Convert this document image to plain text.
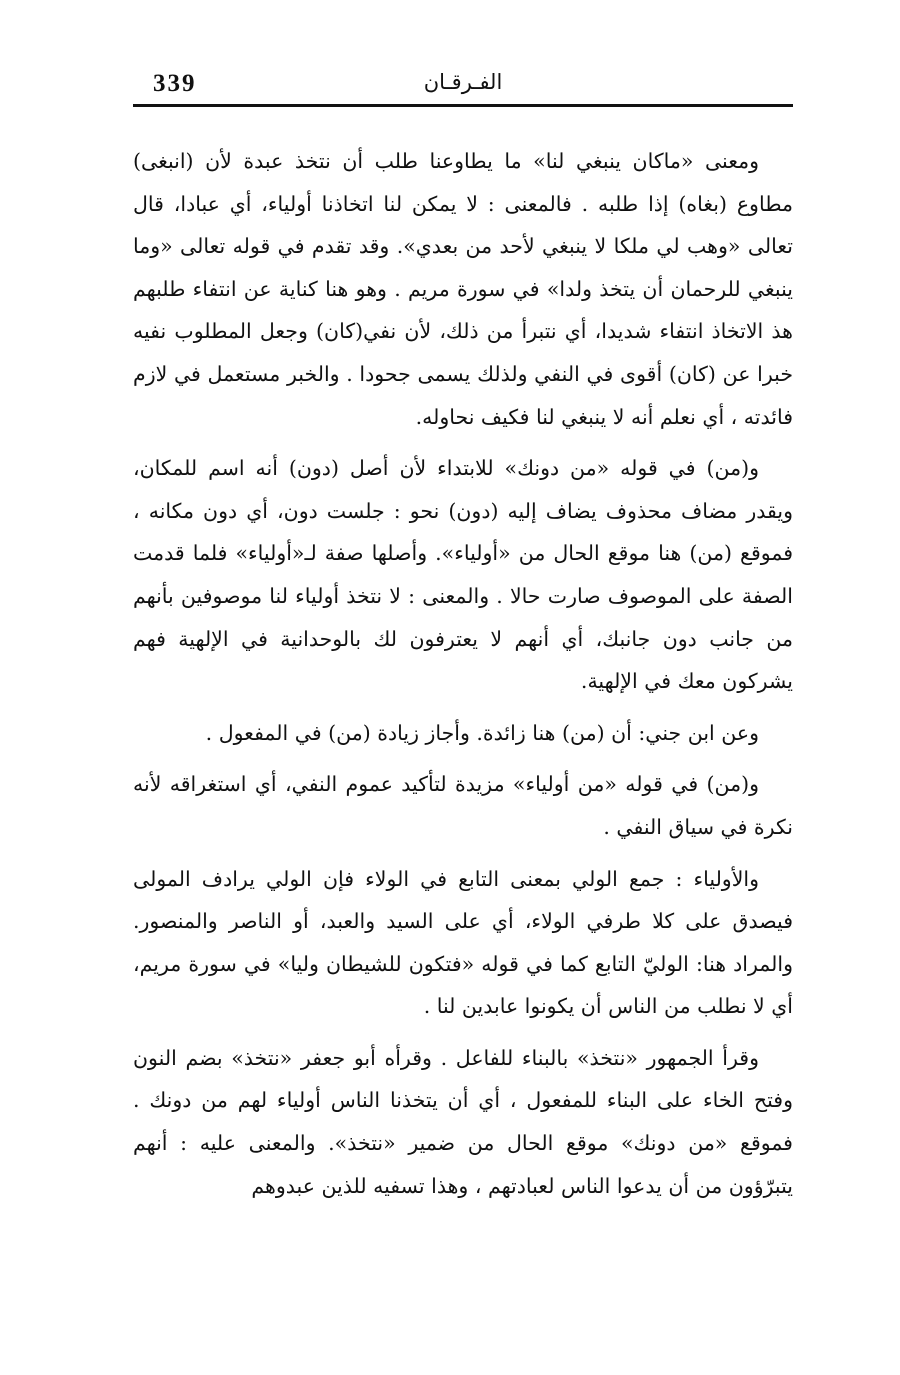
339	الفـرقـان

ومعنى «ماكان ينبغي لنا» ما يطاوعنا طلب أن نتخذ عبدة لأن (انبغى) مطاوع (بغاه) إذا طلبه . فالمعنى : لا يمكن لنا اتخاذنا أولياء، أي عبادا، قال تعالى «وهب لي ملكا لا ينبغي لأحد من بعدي». وقد تقدم في قوله تعالى «وما ينبغي للرحمان أن يتخذ ولدا» في سورة مريم . وهو هنا كناية عن انتفاء طلبهم هذ الاتخاذ انتفاء شديدا، أي نتبرأ من ذلك، لأن نفي(كان) وجعل المطلوب نفيه خبرا عن (كان) أقوى في النفي ولذلك يسمى جحودا . والخبر مستعمل في لازم فائدته ، أي نعلم أنه لا ينبغي لنا فكيف نحاوله.

و(من) في قوله «من دونك» للابتداء لأن أصل (دون) أنه اسم للمكان، ويقدر مضاف محذوف يضاف إليه (دون) نحو : جلست دون، أي دون مكانه ، فموقع (من) هنا موقع الحال من «أولياء». وأصلها صفة لـ«أولياء» فلما قدمت الصفة على الموصوف صارت حالا . والمعنى : لا نتخذ أولياء لنا موصوفين بأنهم من جانب دون جانبك، أي أنهم لا يعترفون لك بالوحدانية في الإلهية فهم يشركون معك في الإلهية.

وعن ابن جني: أن (من) هنا زائدة. وأجاز زيادة (من) في المفعول .

و(من) في قوله «من أولياء» مزيدة لتأكيد عموم النفي، أي استغراقه لأنه نكرة في سياق النفي .

والأولياء : جمع الولي بمعنى التابع في الولاء فإن الولي يرادف المولى فيصدق على كلا طرفي الولاء، أي على السيد والعبد، أو الناصر والمنصور. والمراد هنا: الوليّ التابع كما في قوله «فتكون للشيطان وليا» في سورة مريم، أي لا نطلب من الناس أن يكونوا عابدين لنا .

وقرأ الجمهور «نتخذ» بالبناء للفاعل . وقرأه أبو جعفر «نتخذ» بضم النون وفتح الخاء على البناء للمفعول ، أي أن يتخذنا الناس أولياء لهم من دونك . فموقع «من دونك» موقع الحال من ضمير «نتخذ». والمعنى عليه : أنهم يتبرّؤون من أن يدعوا الناس لعبادتهم ، وهذا تسفيه للذين عبدوهم
